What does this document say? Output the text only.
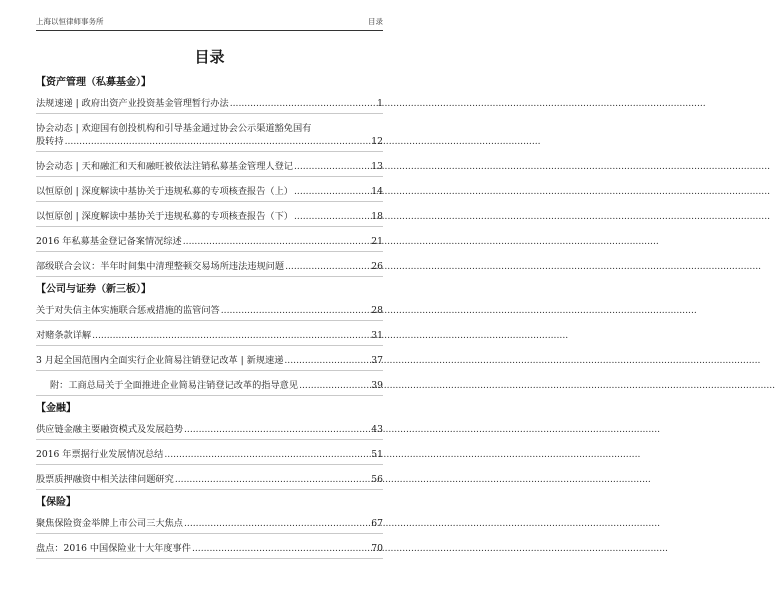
上海以恒律师事务所	目录
目录
【资产管理（私募基金）】
法规速递 | 政府出资产业投资基金管理暂行办法 .....	1
协会动态 | 欢迎国有创投机构和引导基金通过协会公示渠道豁免国有
股转持 .....	12
协会动态 | 天和融汇和天和融旺被依法注销私募基金管理人登记 .....	13
以恒原创 | 深度解读中基协关于违规私募的专项核查报告（上） .....	14
以恒原创 | 深度解读中基协关于违规私募的专项核查报告（下） .....	18
2016 年私募基金登记备案情况综述 .....	21
部级联合会议：半年时间集中清理整顿交易场所违法违规问题 .....	26
【公司与证券（新三板）】
关于对失信主体实施联合惩戒措施的监管问答 .....	28
对赌条款详解 .....	31
3 月起全国范围内全面实行企业简易注销登记改革 | 新规速递 .....	37
附：工商总局关于全面推进企业简易注销登记改革的指导意见 .....	39
【金融】
供应链金融主要融资模式及发展趋势 .....	43
2016 年票据行业发展情况总结 .....	51
股票质押融资中相关法律问题研究 .....	56
【保险】
聚焦保险资金举牌上市公司三大焦点 .....	67
盘点：2016 中国保险业十大年度事件 .....	70
